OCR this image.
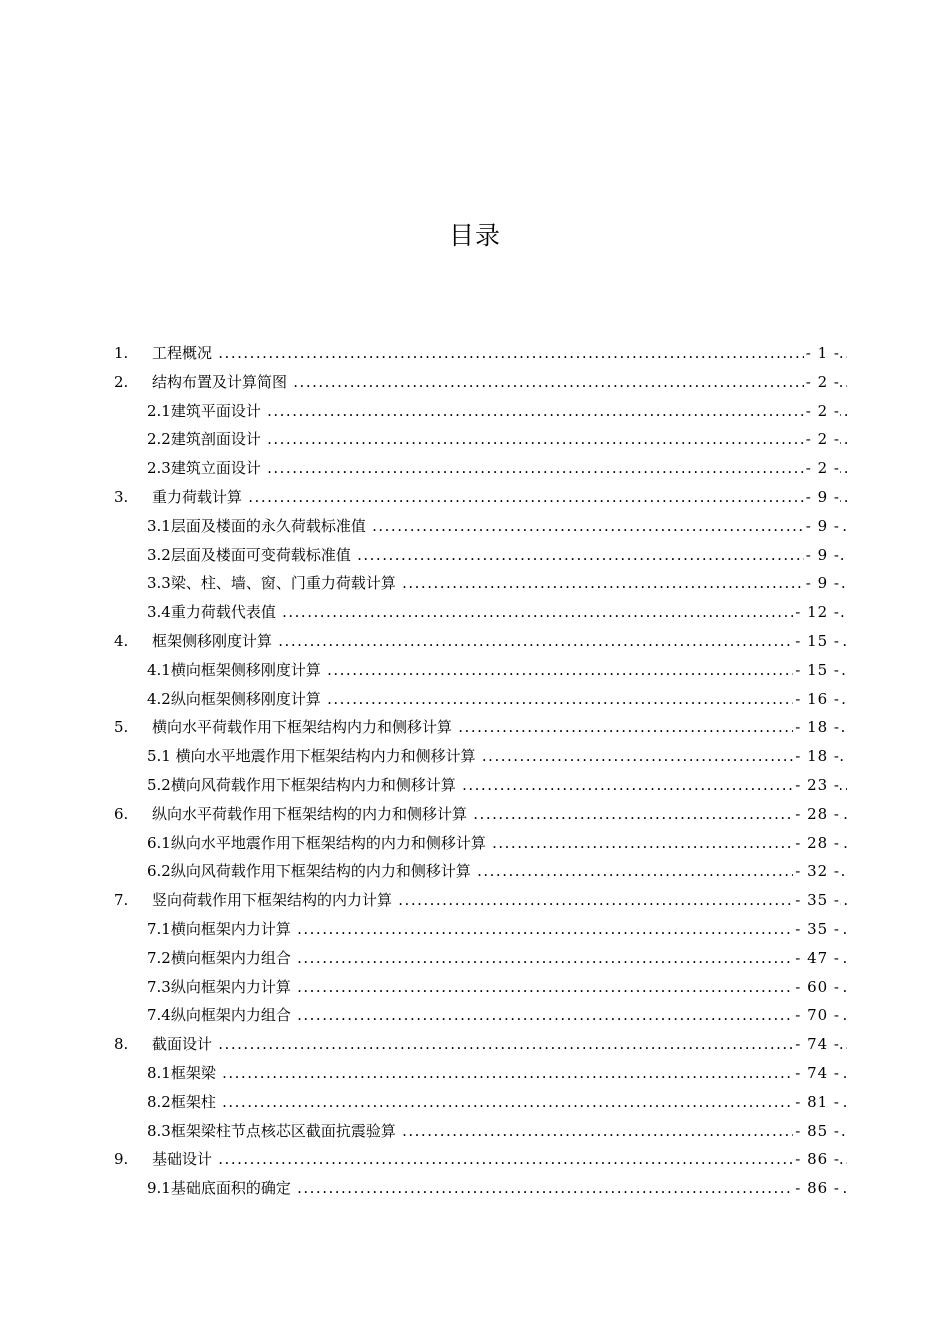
目录
1. 工程概况 .....	- 1 -
2. 结构布置及计算简图 .....	- 2 -
2.1建筑平面设计 .....	- 2 -
2.2建筑剖面设计 .....	- 2 -
2.3建筑立面设计 .....	- 2 -
3. 重力荷载计算 .....	- 9 -
3.1层面及楼面的永久荷载标准值 .....	- 9 -
3.2层面及楼面可变荷载标准值 .....	- 9 -
3.3梁、柱、墙、窗、门重力荷载计算 .....	- 9 -
3.4重力荷载代表值 .....	- 12 -
4. 框架侧移刚度计算 .....	- 15 -
4.1横向框架侧移刚度计算 .....	- 15 -
4.2纵向框架侧移刚度计算 .....	- 16 -
5. 横向水平荷载作用下框架结构内力和侧移计算 .....	- 18 -
5.1 横向水平地震作用下框架结构内力和侧移计算 .....	- 18 -
5.2横向风荷载作用下框架结构内力和侧移计算 .....	- 23 -
6. 纵向水平荷载作用下框架结构的内力和侧移计算 .....	- 28 -
6.1纵向水平地震作用下框架结构的内力和侧移计算 .....	- 28 -
6.2纵向风荷载作用下框架结构的内力和侧移计算 .....	- 32 -
7. 竖向荷载作用下框架结构的内力计算 .....	- 35 -
7.1横向框架内力计算 .....	- 35 -
7.2横向框架内力组合 .....	- 47 -
7.3纵向框架内力计算 .....	- 60 -
7.4纵向框架内力组合 .....	- 70 -
8. 截面设计 .....	- 74 -
8.1框架梁 .....	- 74 -
8.2框架柱 .....	- 81 -
8.3框架梁柱节点核芯区截面抗震验算 .....	- 85 -
9. 基础设计 .....	- 86 -
9.1基础底面积的确定 .....	- 86 -
